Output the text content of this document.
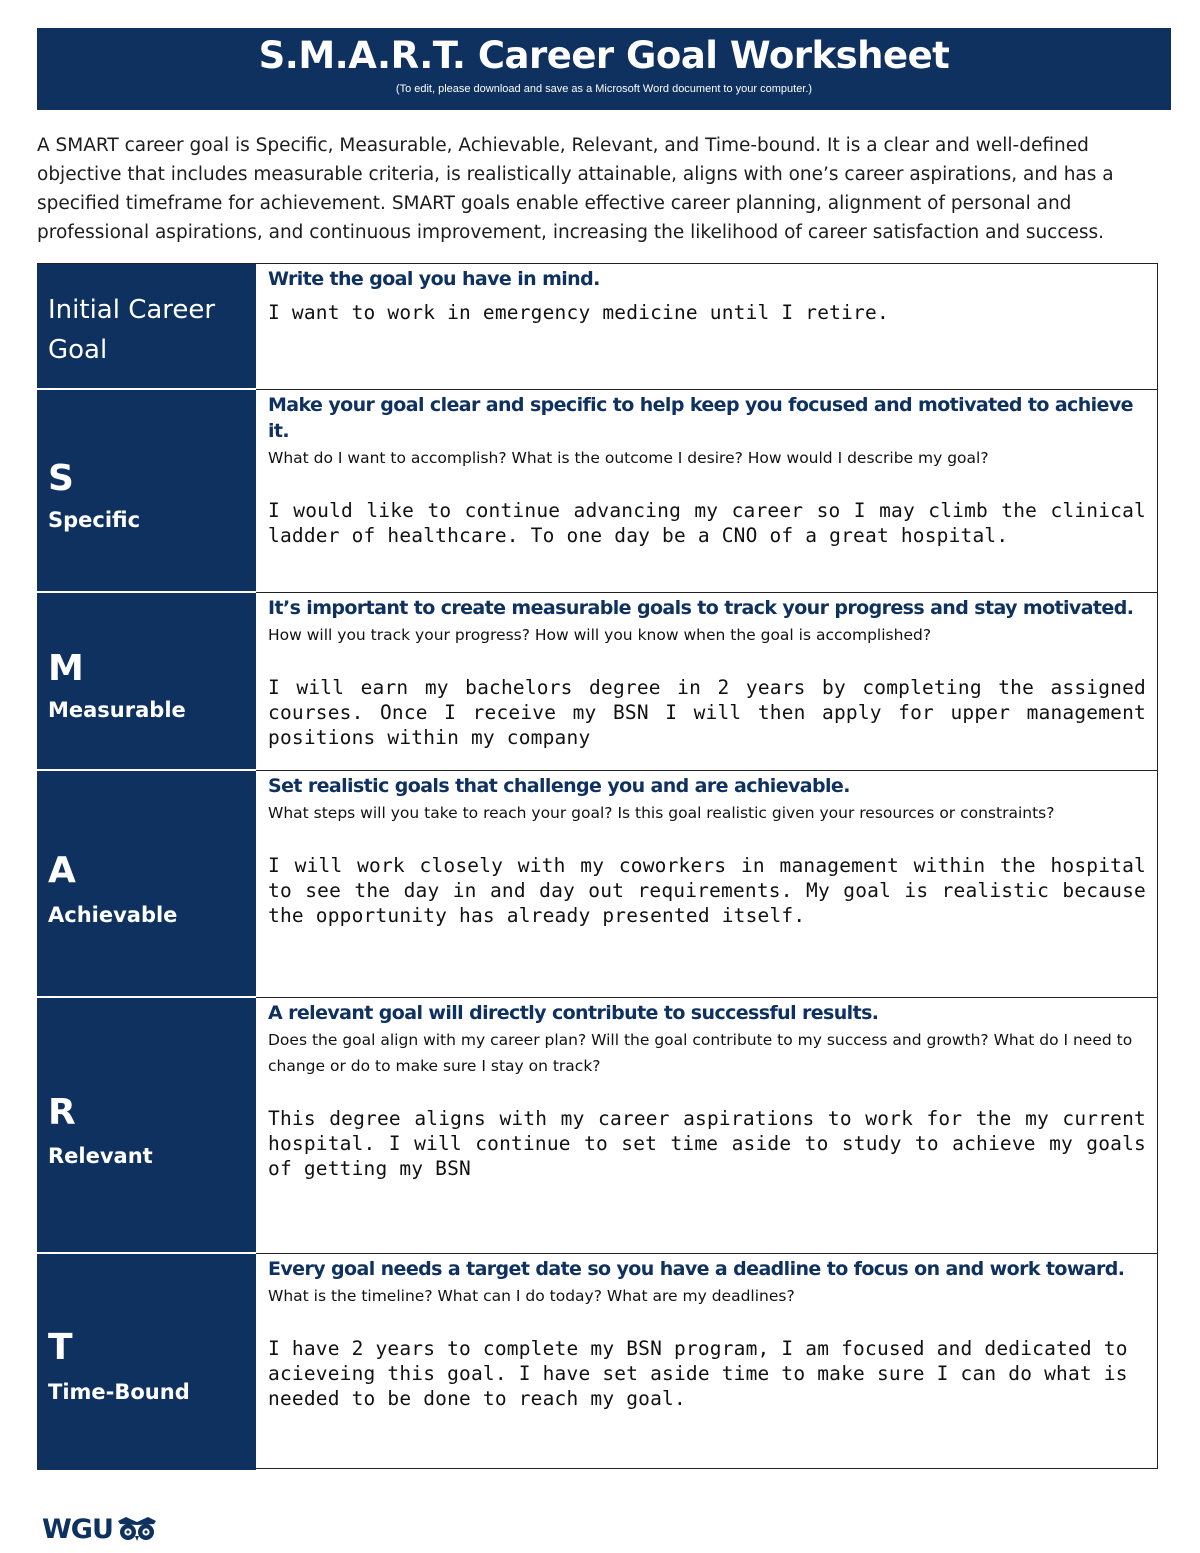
S.M.A.R.T. Career Goal Worksheet
(To edit, please download and save as a Microsoft Word document to your computer.)
A SMART career goal is Specific, Measurable, Achievable, Relevant, and Time-bound. It is a clear and well-defined objective that includes measurable criteria, is realistically attainable, aligns with one’s career aspirations, and has a specified timeframe for achievement. SMART goals enable effective career planning, alignment of personal and professional aspirations, and continuous improvement, increasing the likelihood of career satisfaction and success.
Initial Career Goal
Write the goal you have in mind.
I want to work in emergency medicine until I retire.
S
Specific
Make your goal clear and specific to help keep you focused and motivated to achieve it.
What do I want to accomplish? What is the outcome I desire? How would I describe my goal?
I would like to continue advancing my career so I may climb the clinical ladder of healthcare. To one day be a CNO of a great hospital.
M
Measurable
It’s important to create measurable goals to track your progress and stay motivated.
How will you track your progress? How will you know when the goal is accomplished?
I will earn my bachelors degree in 2 years by completing the assigned courses. Once I receive my BSN I will then apply for upper management positions within my company
A
Achievable
Set realistic goals that challenge you and are achievable.
What steps will you take to reach your goal? Is this goal realistic given your resources or constraints?
I will work closely with my coworkers in management within the hospital to see the day in and day out requirements. My goal is realistic because the opportunity has already presented itself.
R
Relevant
A relevant goal will directly contribute to successful results.
Does the goal align with my career plan? Will the goal contribute to my success and growth? What do I need to change or do to make sure I stay on track?
This degree aligns with my career aspirations to work for the my current hospital. I will continue to set time aside to study to achieve my goals of getting my BSN
T
Time-Bound
Every goal needs a target date so you have a deadline to focus on and work toward.
What is the timeline? What can I do today? What are my deadlines?
I have 2 years to complete my BSN program, I am focused and dedicated to acieveing this goal. I have set aside time to make sure I can do what is needed to be done to reach my goal.
WGU
